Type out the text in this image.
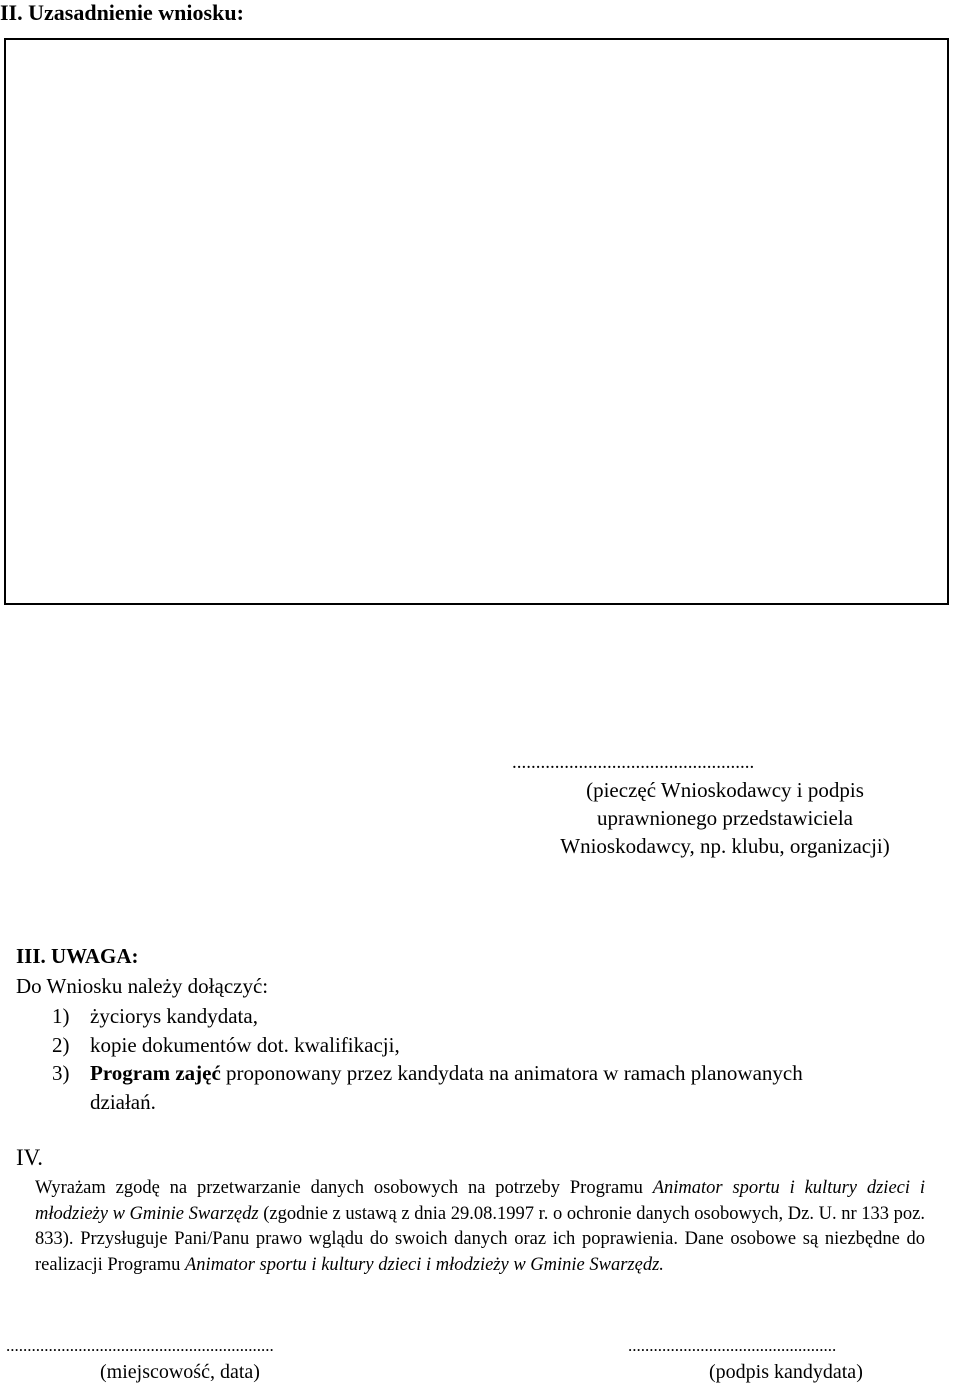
II. Uzasadnienie wniosku:
...................................................
(pieczęć Wnioskodawcy i podpis
uprawnionego przedstawiciela
Wnioskodawcy, np. klubu, organizacji)
III. UWAGA:
Do Wniosku należy dołączyć:
1) życiorys kandydata,
2) kopie dokumentów dot. kwalifikacji,
3) Program zajęć proponowany przez kandydata na animatora w ramach planowanych
działań.
IV.

Wyrażam zgodę na przetwarzanie danych osobowych na potrzeby Programu Animator sportu i kultury dzieci i młodzieży w Gminie Swarzędz (zgodnie z ustawą z dnia 29.08.1997 r. o ochronie danych osobowych, Dz. U. nr 133 poz. 833). Przysługuje Pani/Panu prawo wglądu do swoich danych oraz ich poprawienia. Dane osobowe są niezbędne do realizacji Programu Animator sportu i kultury dzieci i młodzieży w Gminie Swarzędz.

...............................................................	.................................................
(miejscowość, data)	(podpis kandydata)
